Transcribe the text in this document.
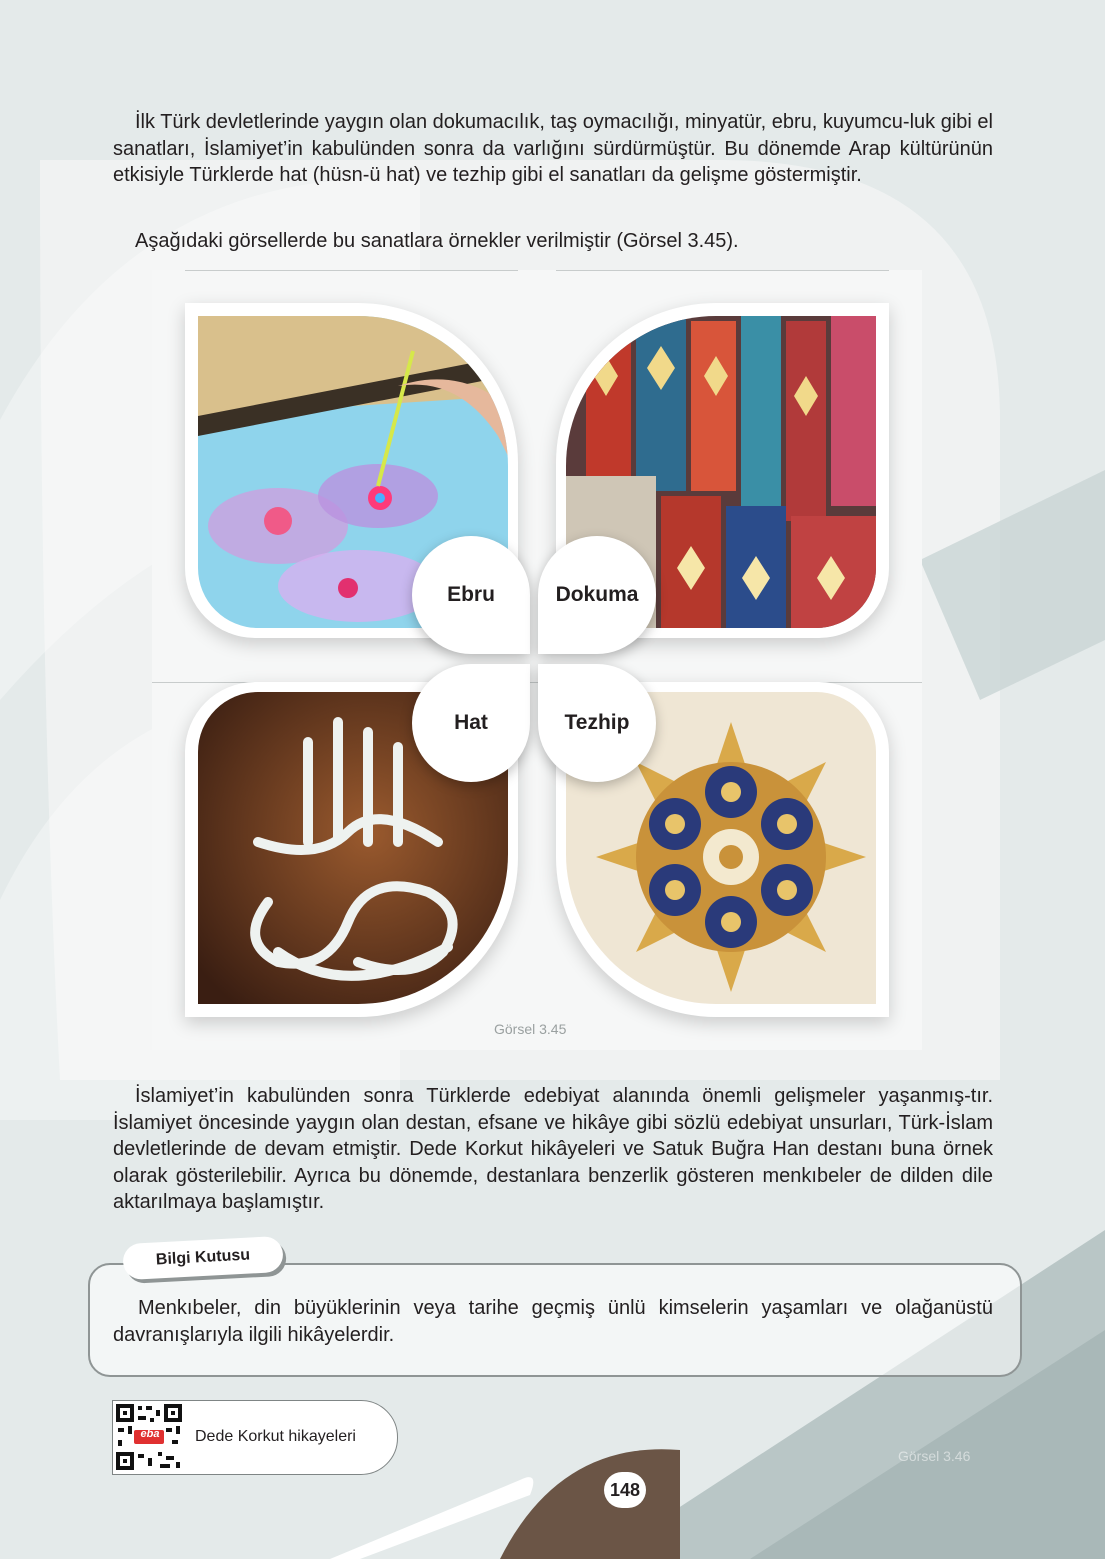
İlk Türk devletlerinde yaygın olan dokumacılık, taş oymacılığı, minyatür, ebru, kuyumcu-luk gibi el sanatları, İslamiyet’in kabulünden sonra da varlığını sürdürmüştür. Bu dönemde Arap kültürünün etkisiyle Türklerde hat (hüsn-ü hat) ve tezhip gibi el sanatları da gelişme göstermiştir.

Aşağıdaki görsellerde bu sanatlara örnekler verilmiştir (Görsel 3.45).

Ebru	Dokuma
Hat	Tezhip
Görsel 3.45

İslamiyet’in kabulünden sonra Türklerde edebiyat alanında önemli gelişmeler yaşanmış-tır. İslamiyet öncesinde yaygın olan destan, efsane ve hikâye gibi sözlü edebiyat unsurları, Türk-İslam devletlerinde de devam etmiştir. Dede Korkut hikâyeleri ve Satuk Buğra Han destanı buna örnek olarak gösterilebilir. Ayrıca bu dönemde, destanlara benzerlik gösteren menkıbeler de dilden dile aktarılmaya başlamıştır.

Bilgi Kutusu

Menkıbeler, din büyüklerinin veya tarihe geçmiş ünlü kimselerin yaşamları ve olağanüstü davranışlarıyla ilgili hikâyelerdir.

eba	Dede Korkut hikayeleri
Görsel 3.46
148
